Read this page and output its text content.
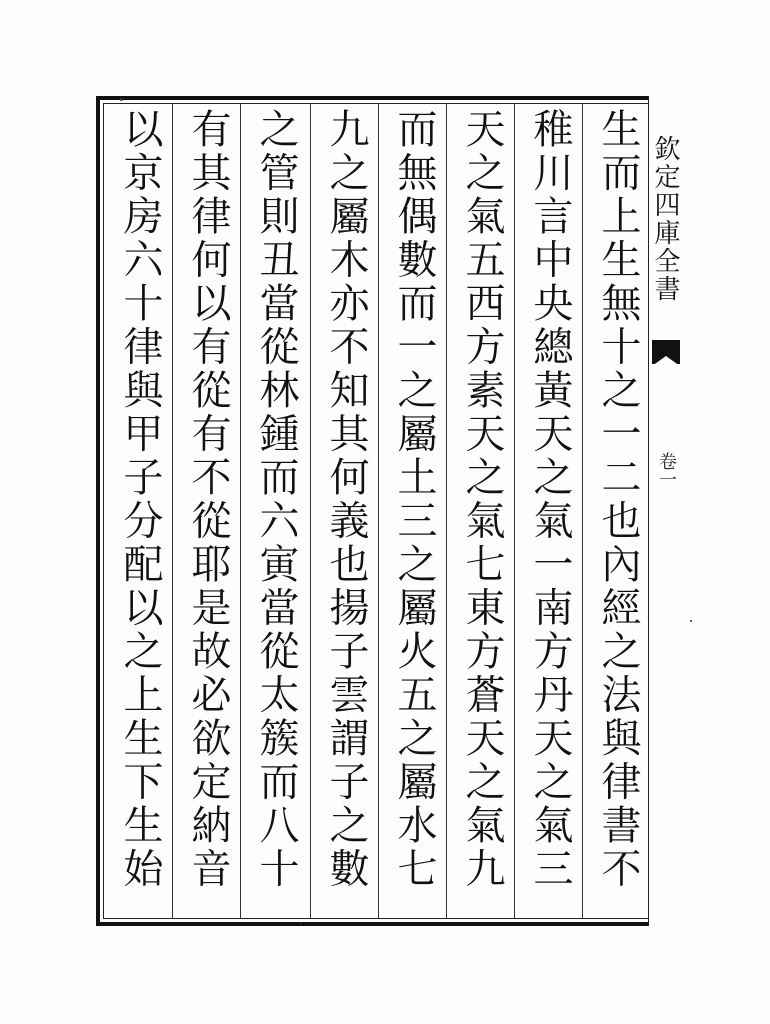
生而上生無十之一二也內經之法與律書不
稚川言中央總黃天之氣一南方丹天之氣三
天之氣五西方素天之氣七東方蒼天之氣九
而無偶數而一之屬土三之屬火五之屬水七
九之屬木亦不知其何義也揚子雲謂子之數
之管則丑當從林鍾而六寅當從太簇而八十
有其律何以有從有不從耶是故必欲定納音
以京房六十律與甲子分配以之上生下生始
欽定四庫全書
卷一
